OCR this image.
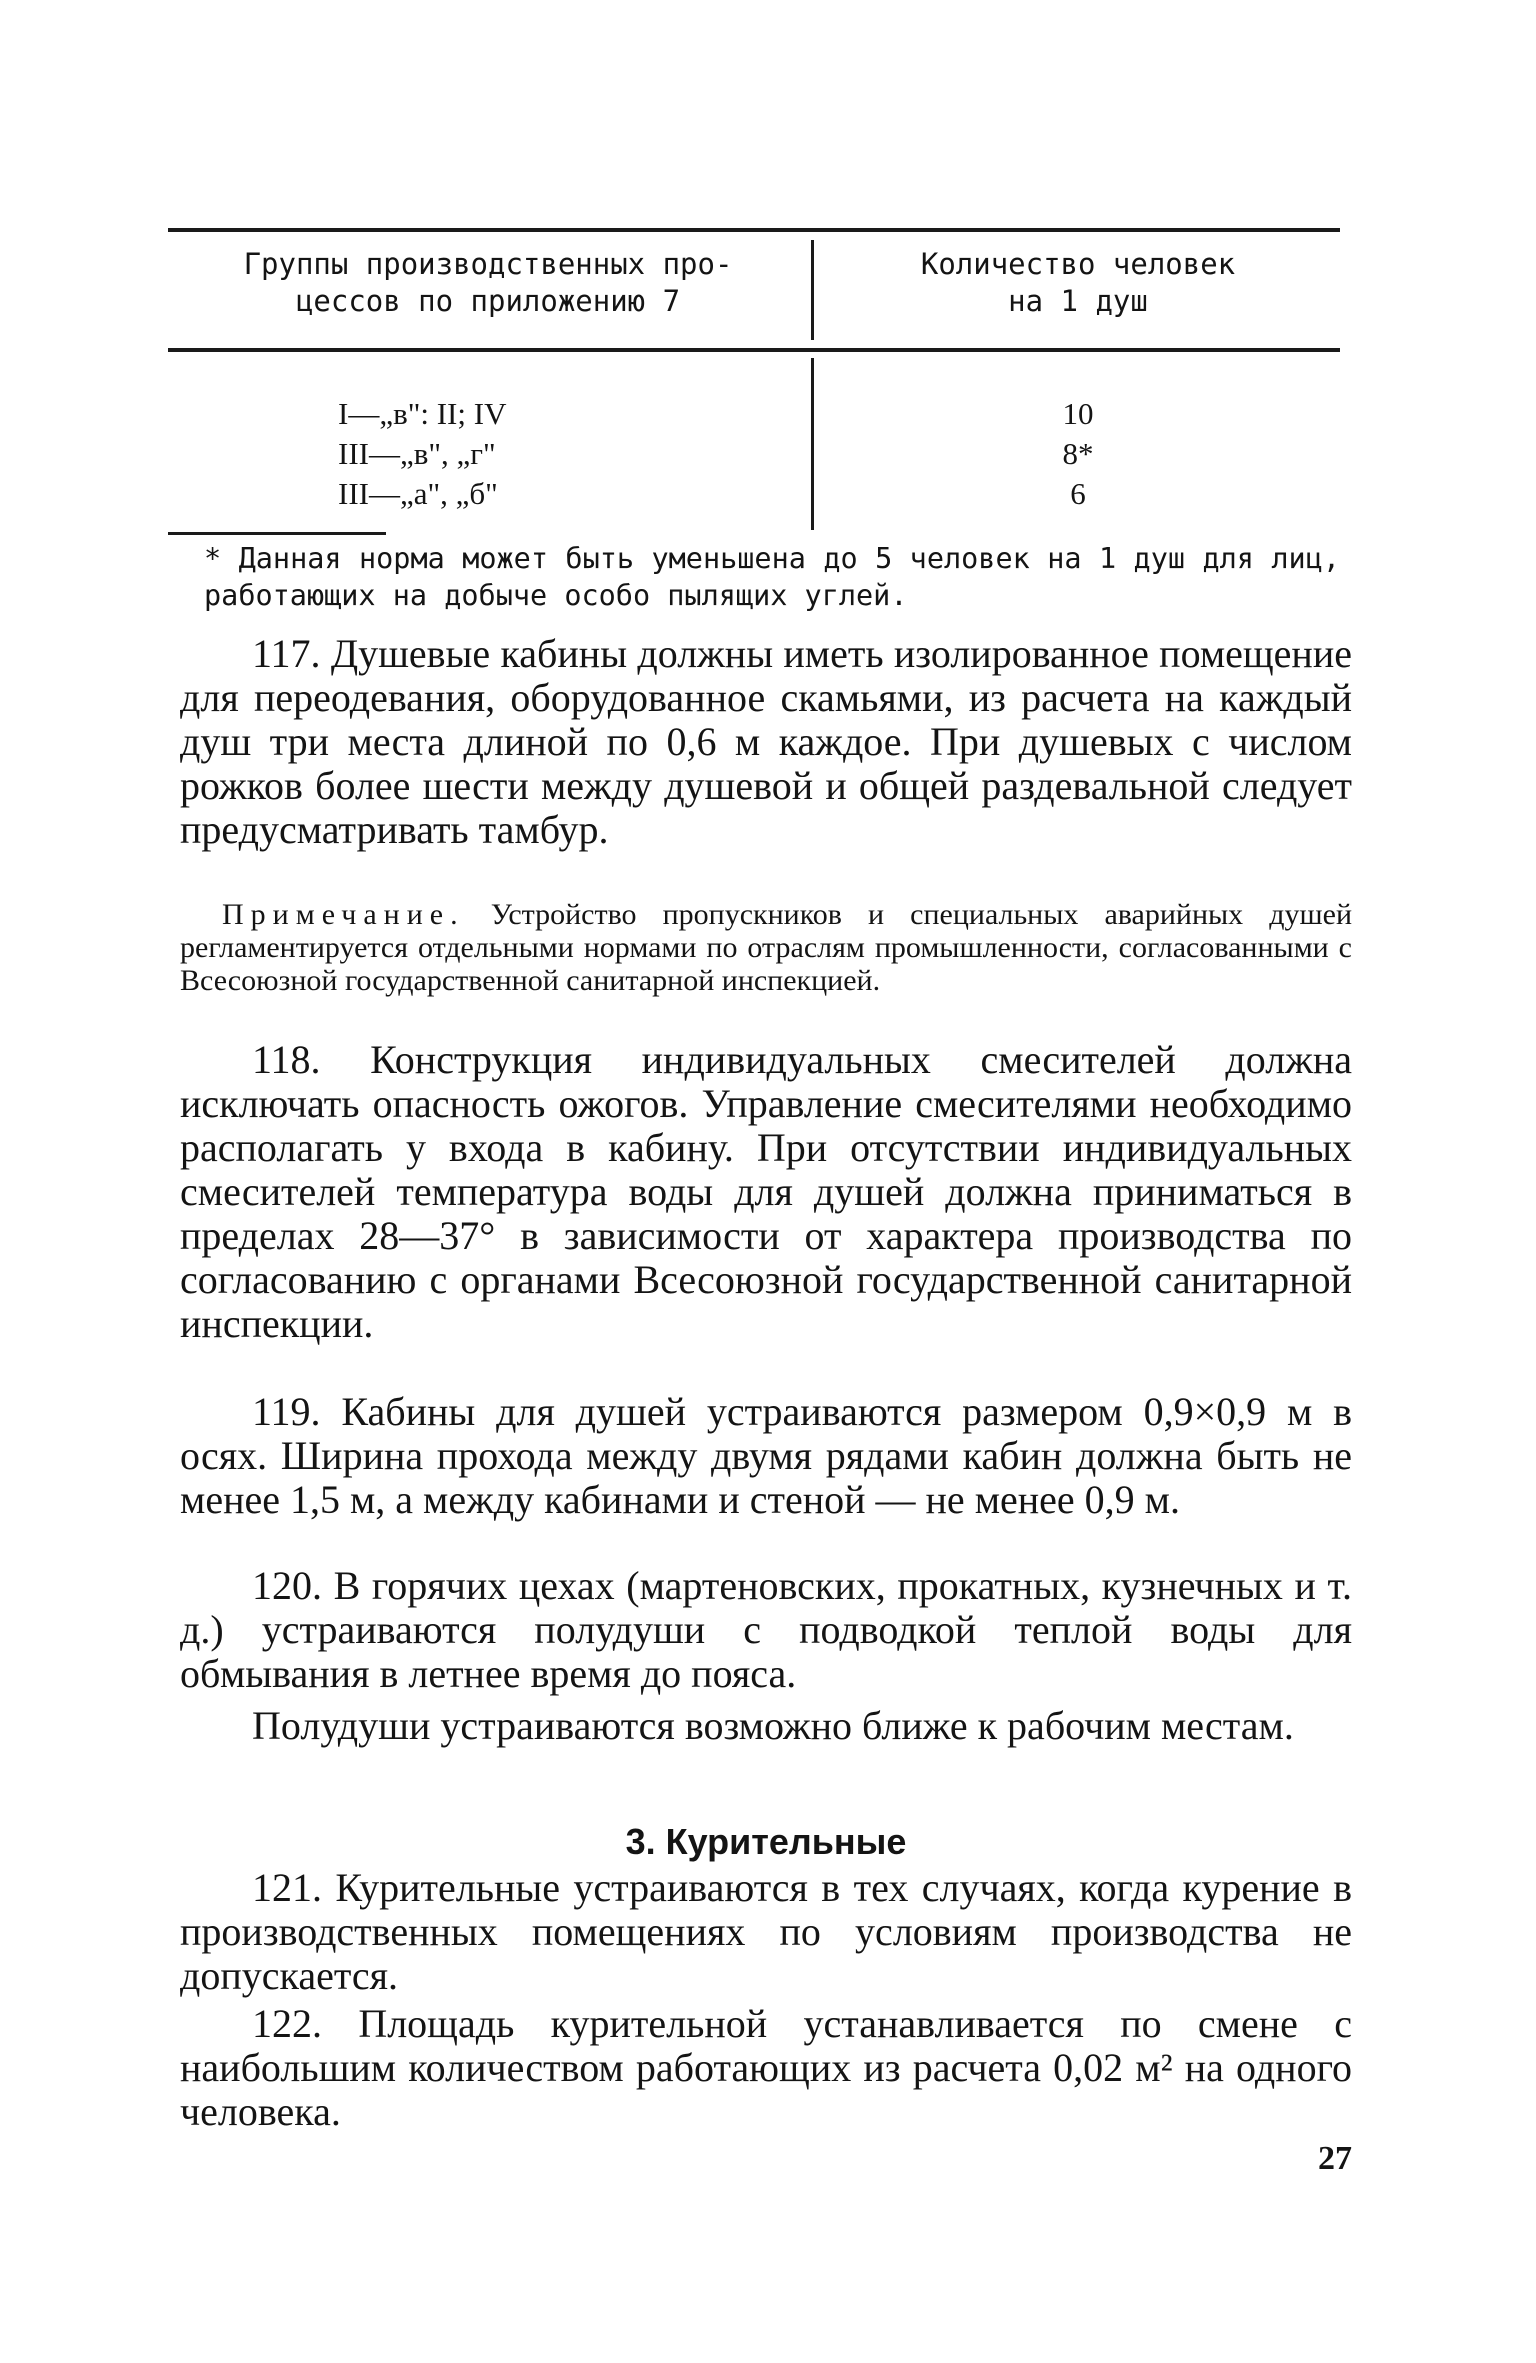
Группы производственных про-
цессов по приложению 7
Количество человек
на 1 душ
I—„в": II; IV
III—„в", „г"
III—„а", „б"
10
8*
6
* Данная норма может быть уменьшена до 5 человек на 1 душ для лиц, работающих на добыче особо пылящих углей.

117. Душевые кабины должны иметь изолированное помещение для переодевания, оборудованное скамьями, из расчета на каждый душ три места длиной по 0,6 м каждое. При душевых с числом рожков более шести между душевой и общей раздевальной следует предусматривать тамбур.

Примечание. Устройство пропускников и специальных аварийных душей регламентируется отдельными нормами по отраслям промышленности, согласованными с Всесоюзной государственной санитарной инспекцией.

118. Конструкция индивидуальных смесителей должна исключать опасность ожогов. Управление смесителями необходимо располагать у входа в кабину. При отсутствии индивидуальных смесителей температура воды для душей должна приниматься в пределах 28—37° в зависимости от характера производства по согласованию с органами Всесоюзной государственной санитарной инспекции.

119. Кабины для душей устраиваются размером 0,9×0,9 м в осях. Ширина прохода между двумя рядами кабин должна быть не менее 1,5 м, а между кабинами и стеной — не менее 0,9 м.

120. В горячих цехах (мартеновских, прокатных, кузнечных и т. д.) устраиваются полудуши с подводкой теплой воды для обмывания в летнее время до пояса.

Полудуши устраиваются возможно ближе к рабочим местам.

3. Курительные

121. Курительные устраиваются в тех случаях, когда курение в производственных помещениях по условиям производства не допускается.

122. Площадь курительной устанавливается по смене с наибольшим количеством работающих из расчета 0,02 м² на одного человека.

27
